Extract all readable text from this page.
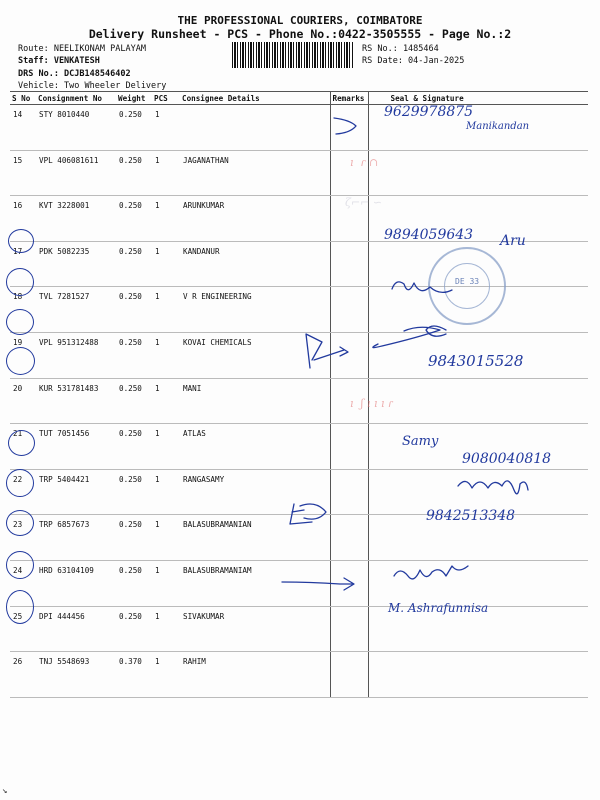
THE PROFESSIONAL COURIERS, COIMBATORE
Delivery Runsheet - PCS - Phone No.:0422-3505555 - Page No.:2
Route: NEELIKONAM PALAYAM
Staff: VENKATESH
DRS No.: DCJB148546402
Vehicle: Two Wheeler Delivery
RS No.: 1485464
RS Date: 04-Jan-2025
S No	Consignment No	Weight	PCS	Consignee Details	Remarks	Seal & Signature
14	STY 8010440	0.250	1			
15	VPL 406081611	0.250	1	JAGANATHAN		
16	KVT 3228001	0.250	1	ARUNKUMAR		
17	PDK 5082235	0.250	1	KANDANUR		
18	TVL 7281527	0.250	1	V R ENGINEERING		
19	VPL 951312488	0.250	1	KOVAI CHEMICALS		
20	KUR 531781483	0.250	1	MANI		
21	TUT 7051456	0.250	1	ATLAS		
22	TRP 5404421	0.250	1	RANGASAMY		
23	TRP 6857673	0.250	1	BALASUBRAMANIAN		
24	HRD 63104109	0.250	1	BALASUBRAMANIAM		
25	DPI 444456	0.250	1	SIVAKUMAR		
26	TNJ 5548693	0.370	1	RAHIM		
ı  ɾ ∩
ζ⌐⌐ ∽
ı  ʃ ı ı ı ɾ
DE 33
9629978875
Manikandan
9894059643 Aru
9843015528
Samy
9080040818
9842513348
M. Ashrafunnisa
↘
